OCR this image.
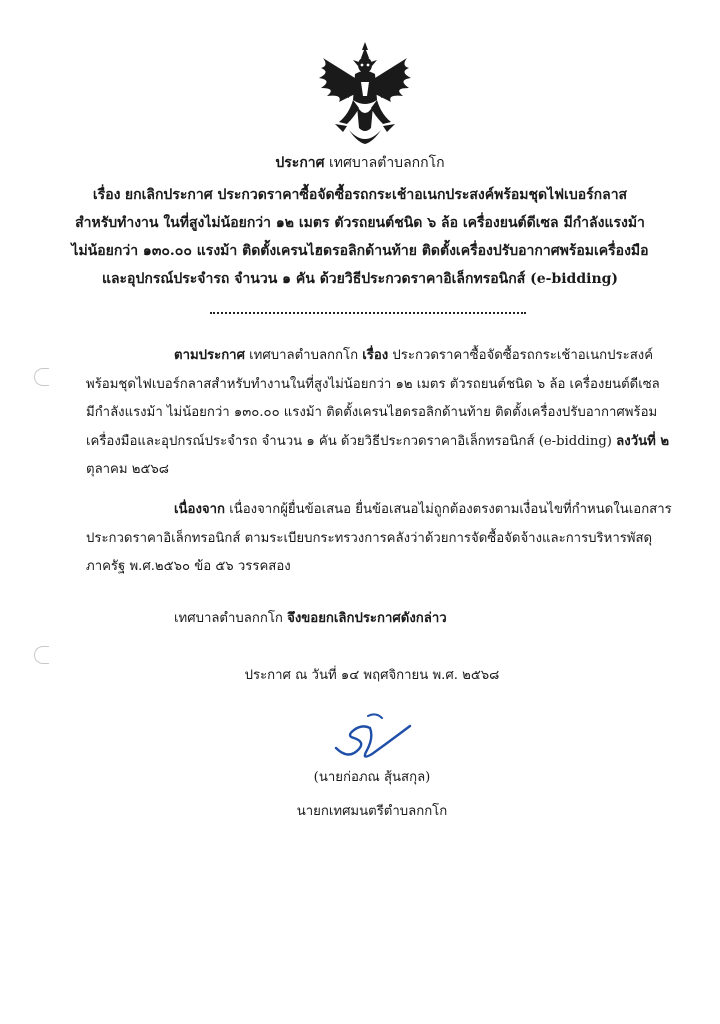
ประกาศ เทศบาลตำบลกกโก
เรื่อง ยกเลิกประกาศ ประกวดราคาซื้อจัดซื้อรถกระเช้าอเนกประสงค์พร้อมชุดไฟเบอร์กลาส
สำหรับทำงาน ในที่สูงไม่น้อยกว่า ๑๒ เมตร ตัวรถยนต์ชนิด ๖ ล้อ เครื่องยนต์ดีเซล มีกำลังแรงม้า
ไม่น้อยกว่า ๑๓๐.๐๐ แรงม้า ติดตั้งเครนไฮดรอลิกด้านท้าย ติดตั้งเครื่องปรับอากาศพร้อมเครื่องมือ
และอุปกรณ์ประจำรถ จำนวน ๑ คัน ด้วยวิธีประกวดราคาอิเล็กทรอนิกส์ (e-bidding)
ตามประกาศ เทศบาลตำบลกกโก เรื่อง ประกวดราคาซื้อจัดซื้อรถกระเช้าอเนกประสงค์
พร้อมชุดไฟเบอร์กลาสสำหรับทำงานในที่สูงไม่น้อยกว่า ๑๒ เมตร ตัวรถยนต์ชนิด ๖ ล้อ เครื่องยนต์ดีเซล
มีกำลังแรงม้า ไม่น้อยกว่า ๑๓๐.๐๐ แรงม้า ติดตั้งเครนไฮดรอลิกด้านท้าย ติดตั้งเครื่องปรับอากาศพร้อม
เครื่องมือและอุปกรณ์ประจำรถ จำนวน ๑ คัน ด้วยวิธีประกวดราคาอิเล็กทรอนิกส์ (e-bidding) ลงวันที่ ๒
ตุลาคม ๒๕๖๘
เนื่องจาก เนื่องจากผู้ยื่นข้อเสนอ ยื่นข้อเสนอไม่ถูกต้องตรงตามเงื่อนไขที่กำหนดในเอกสาร
ประกวดราคาอิเล็กทรอนิกส์ ตามระเบียบกระทรวงการคลังว่าด้วยการจัดซื้อจัดจ้างและการบริหารพัสดุ
ภาครัฐ พ.ศ.๒๕๖๐ ข้อ ๕๖ วรรคสอง
เทศบาลตำบลกกโก จึงขอยกเลิกประกาศดังกล่าว
ประกาศ ณ วันที่ ๑๔ พฤศจิกายน พ.ศ. ๒๕๖๘
(นายก่อภณ สุ้นสกุล)
นายกเทศมนตรีตำบลกกโก
